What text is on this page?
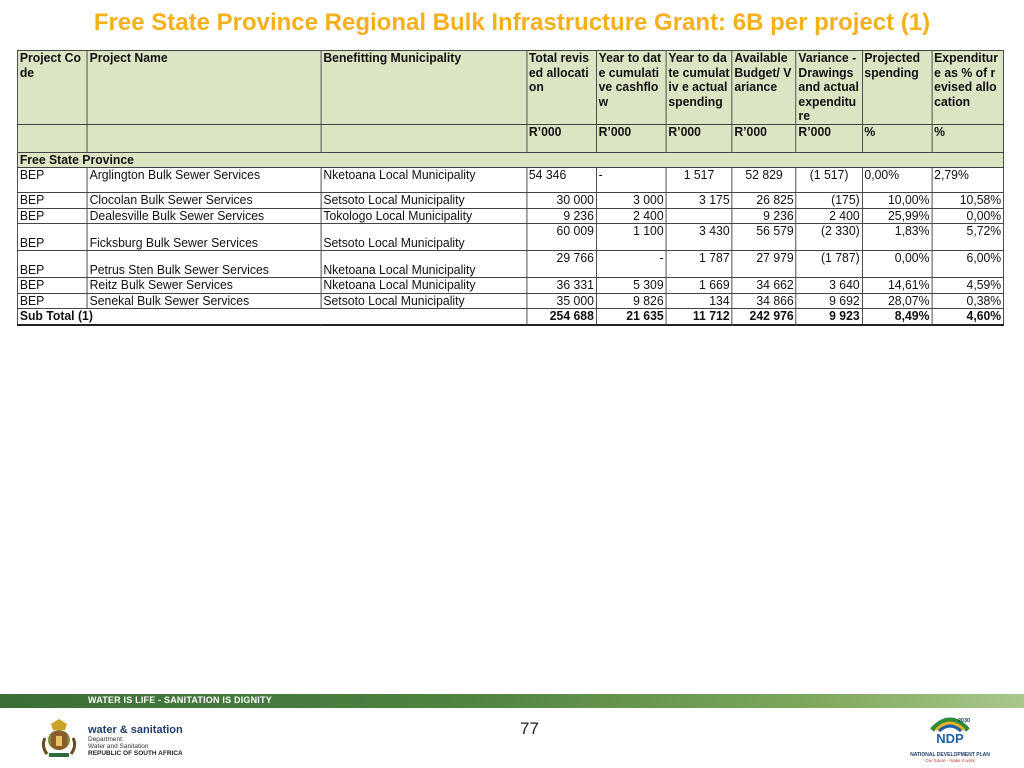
Free State Province Regional Bulk Infrastructure Grant: 6B per project (1)
Project Code	Project Name	Benefitting Municipality	Total revised allocation	Year to date cumulative cashflow	Year to date cumulativ e actual spending	Available Budget/ Variance	Variance - Drawings and actual expenditu re	Projected spending	Expenditur e as % of revised allocation
			R’000	R’000	R’000	R’000	R’000	%	%
Free State Province									
BEP	Arglington Bulk Sewer Services	Nketoana Local Municipality	54 346	-	1 517	52 829	(1 517)	0,00%	2,79%
BEP	Clocolan Bulk Sewer Services	Setsoto Local Municipality	30 000	3 000	3 175	26 825	(175)	10,00%	10,58%
BEP	Dealesville Bulk Sewer Services	Tokologo Local Municipality	9 236	2 400		9 236	2 400	25,99%	0,00%
BEP	Ficksburg Bulk Sewer Services	Setsoto Local Municipality	60 009	1 100	3 430	56 579	(2 330)	1,83%	5,72%
BEP	Petrus Sten Bulk Sewer Services	Nketoana Local Municipality	29 766	-	1 787	27 979	(1 787)	0,00%	6,00%
BEP	Reitz Bulk Sewer Services	Nketoana Local Municipality	36 331	5 309	1 669	34 662	3 640	14,61%	4,59%
BEP	Senekal Bulk Sewer Services	Setsoto Local Municipality	35 000	9 826	134	34 866	9 692	28,07%	0,38%
Sub Total (1)			254 688	21 635	11 712	242 976	9 923	8,49%	4,60%
WATER IS LIFE - SANITATION IS DIGNITY
water & sanitation
Department:
Water and Sanitation
REPUBLIC OF SOUTH AFRICA
77
NDP
2030
NATIONAL DEVELOPMENT PLAN
Our future - make it work
